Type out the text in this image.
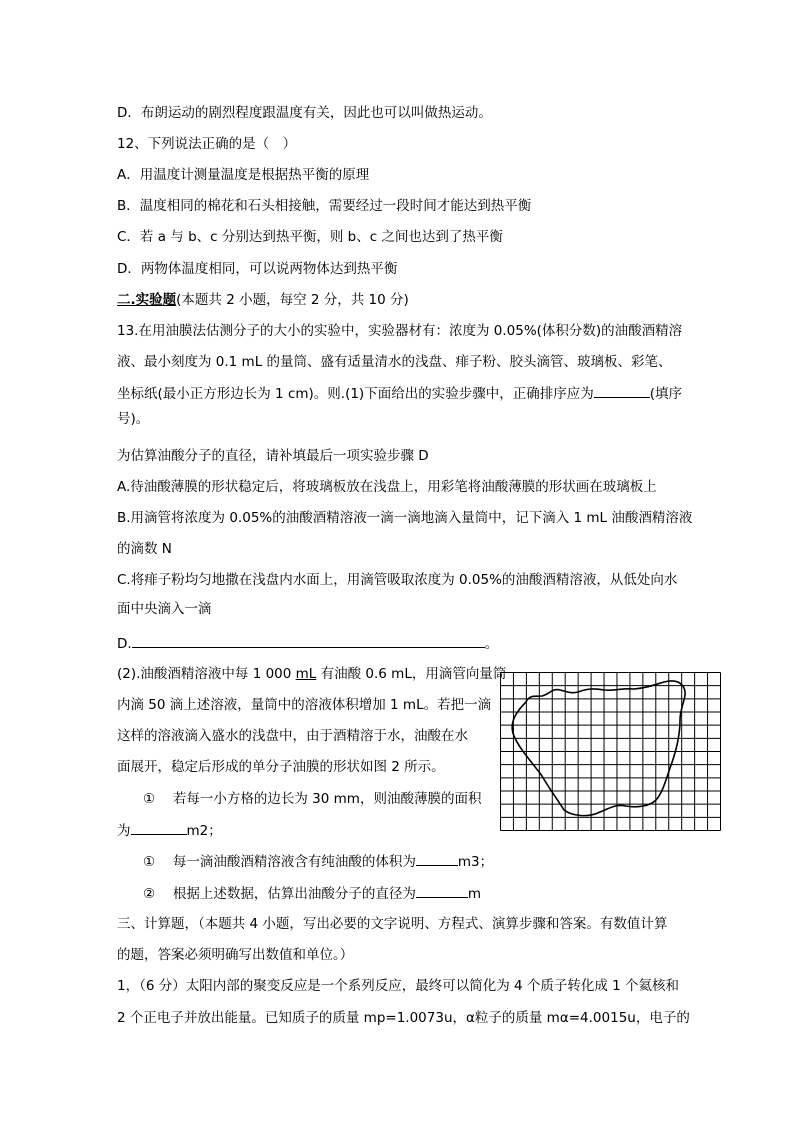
D．布朗运动的剧烈程度跟温度有关，因此也可以叫做热运动。
12、下列说法正确的是（　）
A．用温度计测量温度是根据热平衡的原理
B．温度相同的棉花和石头相接触，需要经过一段时间才能达到热平衡
C．若 a 与 b、c 分别达到热平衡，则 b、c 之间也达到了热平衡
D．两物体温度相同，可以说两物体达到热平衡
二.实验题(本题共 2 小题，每空 2 分，共 10 分)
13.在用油膜法估测分子的大小的实验中，实验器材有：浓度为 0.05%(体积分数)的油酸酒精溶
液、最小刻度为 0.1 mL 的量筒、盛有适量清水的浅盘、痱子粉、胶头滴管、玻璃板、彩笔、
坐标纸(最小正方形边长为 1 cm)。则.(1)下面给出的实验步骤中，正确排序应为	(填序
号)。
为估算油酸分子的直径，请补填最后一项实验步骤 D
A.待油酸薄膜的形状稳定后，将玻璃板放在浅盘上，用彩笔将油酸薄膜的形状画在玻璃板上
B.用滴管将浓度为 0.05%的油酸酒精溶液一滴一滴地滴入量筒中，记下滴入 1 mL 油酸酒精溶液
的滴数 N
C.将痱子粉均匀地撒在浅盘内水面上，用滴管吸取浓度为 0.05%的油酸酒精溶液，从低处向水
面中央滴入一滴
D.	。
(2).油酸酒精溶液中每 1 000 mL 有油酸 0.6 mL，用滴管向量筒
内滴 50 滴上述溶液，量筒中的溶液体积增加 1 mL。若把一滴
这样的溶液滴入盛水的浅盘中，由于酒精溶于水，油酸在水
面展开，稳定后形成的单分子油膜的形状如图 2 所示。
①　 若每一小方格的边长为 30 mm，则油酸薄膜的面积
为	m2；
①　 每一滴油酸酒精溶液含有纯油酸的体积为	m3；
②　 根据上述数据，估算出油酸分子的直径为	m
三、计算题，（本题共 4 小题，写出必要的文字说明、方程式、演算步骤和答案。有数值计算
的题，答案必须明确写出数值和单位。）
1，（6 分）太阳内部的聚变反应是一个系列反应，最终可以简化为 4 个质子转化成 1 个氦核和
2 个正电子并放出能量。已知质子的质量 mp=1.0073u，α粒子的质量 mα=4.0015u，电子的
